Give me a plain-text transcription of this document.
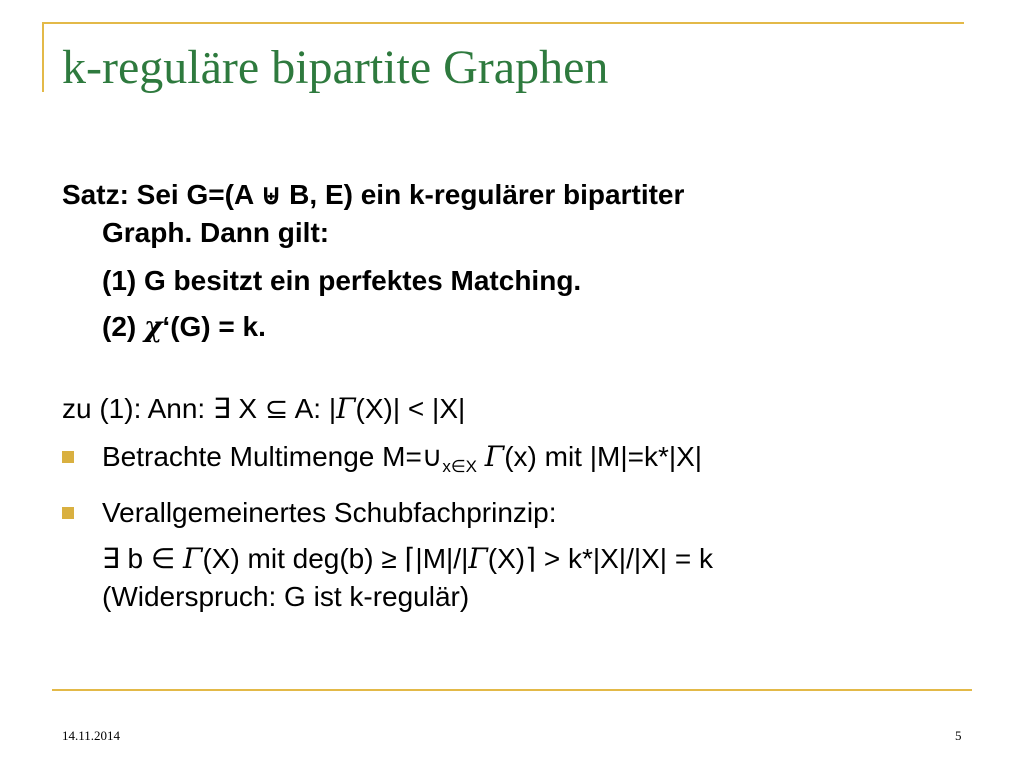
k-reguläre bipartite Graphen
Satz: Sei G=(A ⊎ B, E) ein k-regulärer bipartiter
Graph. Dann gilt:
(1) G besitzt ein perfektes Matching.
(2) χ‘(G) = k.
zu (1): Ann: ∃ X ⊆ A: |Γ(X)| < |X|
Betrachte Multimenge $M=\cup_{x\in X}$ Γ(x) mit |M|=k*|X|
Verallgemeinertes Schubfachprinzip:
∃ b ∈ Γ(X) mit deg(b) ≥ ⌈|M|/|Γ(X)⌉ > k*|X|/|X| = k
(Widerspruch: G ist k-regulär)
14.11.2014	5
